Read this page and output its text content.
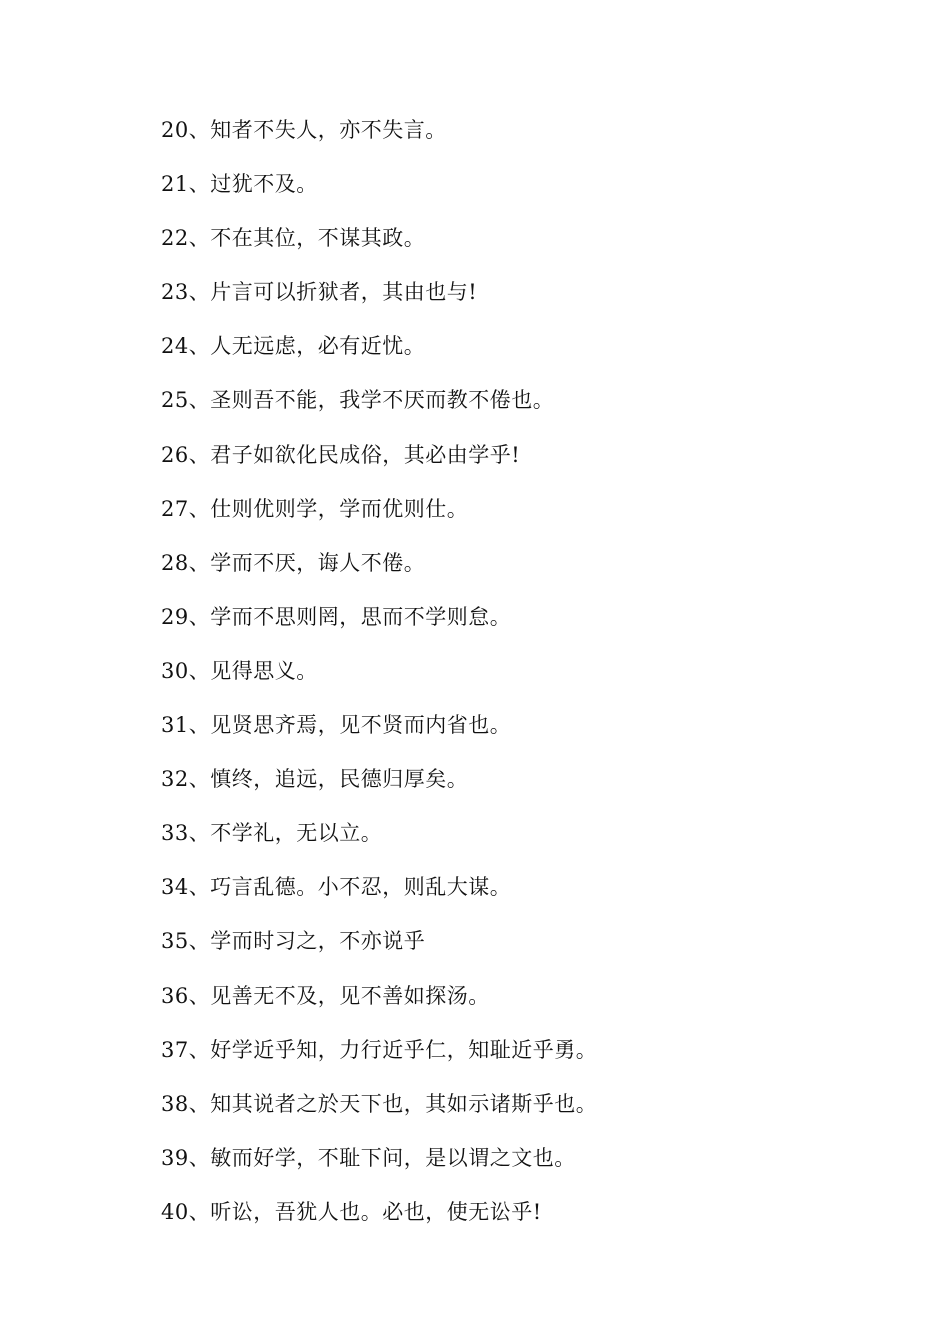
20、知者不失人，亦不失言。
21、过犹不及。
22、不在其位，不谋其政。
23、片言可以折狱者，其由也与!
24、人无远虑，必有近忧。
25、圣则吾不能，我学不厌而教不倦也。
26、君子如欲化民成俗，其必由学乎!
27、仕则优则学，学而优则仕。
28、学而不厌，诲人不倦。
29、学而不思则罔，思而不学则怠。
30、见得思义。
31、见贤思齐焉，见不贤而内省也。
32、慎终，追远，民德归厚矣。
33、不学礼，无以立。
34、巧言乱德。小不忍，则乱大谋。
35、学而时习之，不亦说乎
36、见善无不及，见不善如探汤。
37、好学近乎知，力行近乎仁，知耻近乎勇。
38、知其说者之於天下也，其如示诸斯乎也。
39、敏而好学，不耻下问，是以谓之文也。
40、听讼，吾犹人也。必也，使无讼乎!
